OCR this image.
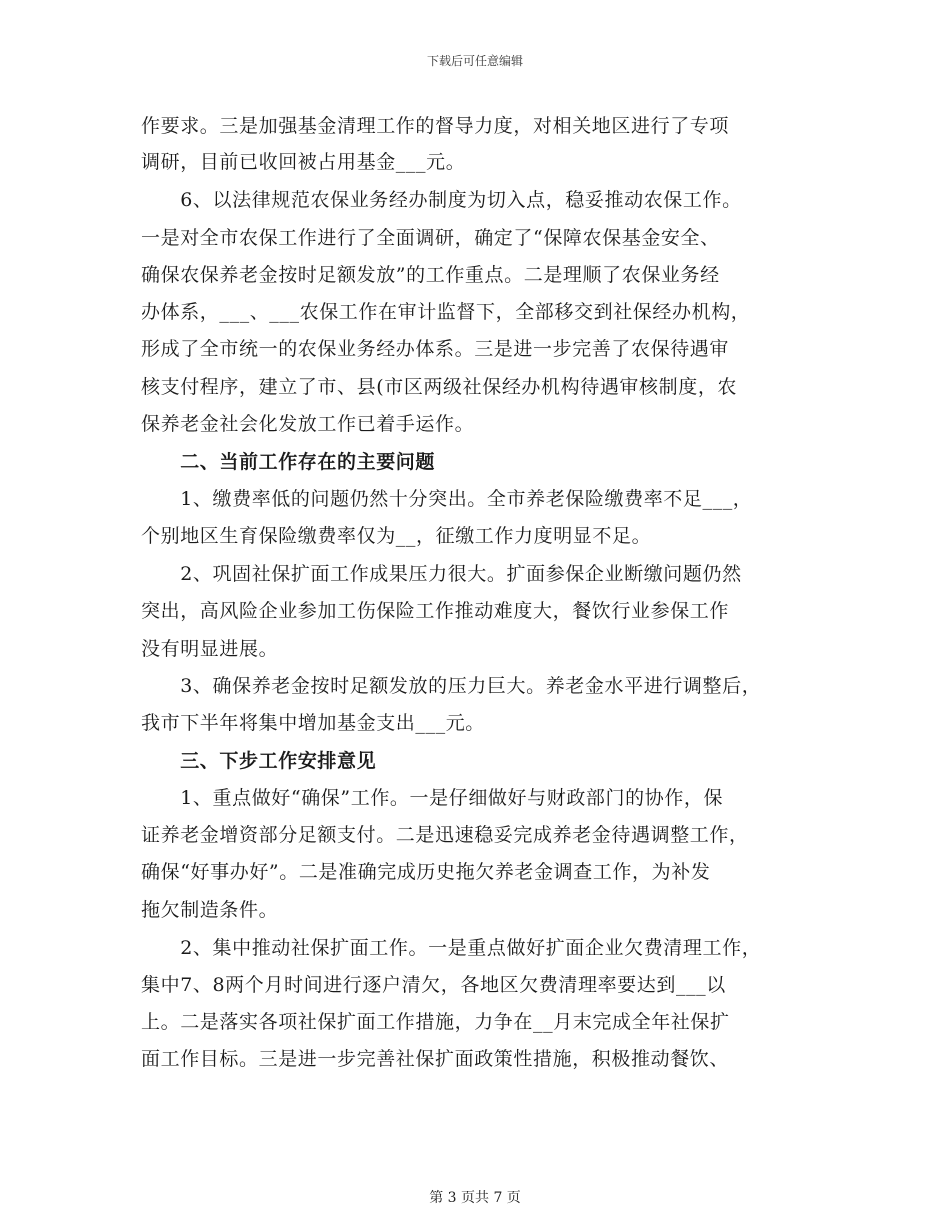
下载后可任意编辑
作要求。三是加强基金清理工作的督导力度，对相关地区进行了专项
调研，目前已收回被占用基金___元。
　　6、以法律规范农保业务经办制度为切入点，稳妥推动农保工作。
一是对全市农保工作进行了全面调研，确定了“保障农保基金安全、
确保农保养老金按时足额发放”的工作重点。二是理顺了农保业务经
办体系，___、___农保工作在审计监督下，全部移交到社保经办机构，
形成了全市统一的农保业务经办体系。三是进一步完善了农保待遇审
核支付程序，建立了市、县(市区两级社保经办机构待遇审核制度，农
保养老金社会化发放工作已着手运作。
　　二、当前工作存在的主要问题
　　1、缴费率低的问题仍然十分突出。全市养老保险缴费率不足___，
个别地区生育保险缴费率仅为__，征缴工作力度明显不足。
　　2、巩固社保扩面工作成果压力很大。扩面参保企业断缴问题仍然
突出，高风险企业参加工伤保险工作推动难度大，餐饮行业参保工作
没有明显进展。
　　3、确保养老金按时足额发放的压力巨大。养老金水平进行调整后，
我市下半年将集中增加基金支出___元。
　　三、下步工作安排意见
　　1、重点做好“确保”工作。一是仔细做好与财政部门的协作，保
证养老金增资部分足额支付。二是迅速稳妥完成养老金待遇调整工作，
确保“好事办好”。二是准确完成历史拖欠养老金调查工作，为补发
拖欠制造条件。
　　2、集中推动社保扩面工作。一是重点做好扩面企业欠费清理工作，
集中7、8两个月时间进行逐户清欠，各地区欠费清理率要达到___以
上。二是落实各项社保扩面工作措施，力争在__月末完成全年社保扩
面工作目标。三是进一步完善社保扩面政策性措施，积极推动餐饮、
第 3 页共 7 页
